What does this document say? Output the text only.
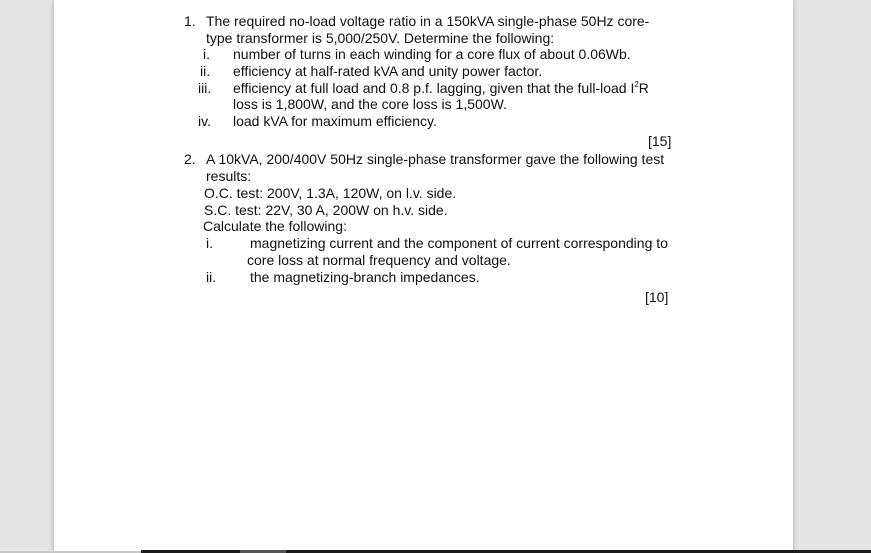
1. The required no-load voltage ratio in a 150kVA single-phase 50Hz core-
type transformer is 5,000/250V. Determine the following:
i. number of turns in each winding for a core flux of about 0.06Wb.
ii. efficiency at half-rated kVA and unity power factor.
iii. efficiency at full load and 0.8 p.f. lagging, given that the full-load $I^2R$
loss is 1,800W, and the core loss is 1,500W.
iv. load kVA for maximum efficiency.
[15]
2. A 10kVA, 200/400V 50Hz single-phase transformer gave the following test
results:
O.C. test: 200V, 1.3A, 120W, on l.v. side.
S.C. test: 22V, 30 A, 200W on h.v. side.
Calculate the following:
i.	magnetizing current and the component of current corresponding to
core loss at normal frequency and voltage.
ii. the magnetizing-branch impedances.
[10]
